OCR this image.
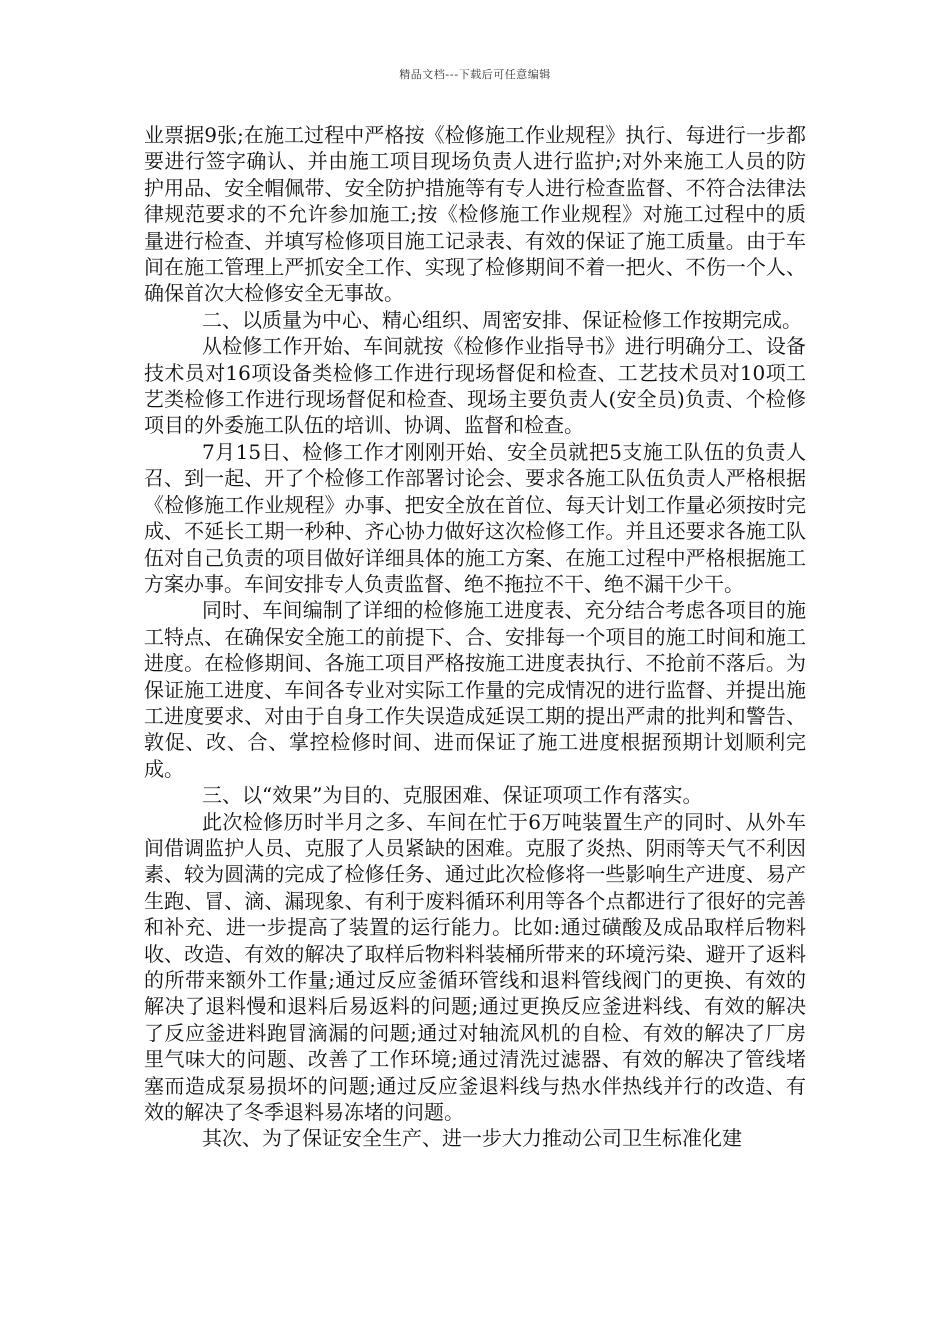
精品文档---下载后可任意编辑

业票据9张;在施工过程中严格按《检修施工作业规程》执行、每进行一步都要进行签字确认、并由施工项目现场负责人进行监护;对外来施工人员的防护用品、安全帽佩带、安全防护措施等有专人进行检查监督、不符合法律法律规范要求的不允许参加施工;按《检修施工作业规程》对施工过程中的质量进行检查、并填写检修项目施工记录表、有效的保证了施工质量。由于车间在施工管理上严抓安全工作、实现了检修期间不着一把火、不伤一个人、确保首次大检修安全无事故。

二、以质量为中心、精心组织、周密安排、保证检修工作按期完成。

从检修工作开始、车间就按《检修作业指导书》进行明确分工、设备技术员对16项设备类检修工作进行现场督促和检查、工艺技术员对10项工艺类检修工作进行现场督促和检查、现场主要负责人(安全员)负责、个检修项目的外委施工队伍的培训、协调、监督和检查。

7月15日、检修工作才刚刚开始、安全员就把5支施工队伍的负责人召、到一起、开了个检修工作部署讨论会、要求各施工队伍负责人严格根据《检修施工作业规程》办事、把安全放在首位、每天计划工作量必须按时完成、不延长工期一秒种、齐心协力做好这次检修工作。并且还要求各施工队伍对自己负责的项目做好详细具体的施工方案、在施工过程中严格根据施工方案办事。车间安排专人负责监督、绝不拖拉不干、绝不漏干少干。

同时、车间编制了详细的检修施工进度表、充分结合考虑各项目的施工特点、在确保安全施工的前提下、合、安排每一个项目的施工时间和施工进度。在检修期间、各施工项目严格按施工进度表执行、不抢前不落后。为保证施工进度、车间各专业对实际工作量的完成情况的进行监督、并提出施工进度要求、对由于自身工作失误造成延误工期的提出严肃的批判和警告、敦促、改、合、掌控检修时间、进而保证了施工进度根据预期计划顺利完成。

三、以“效果”为目的、克服困难、保证项项工作有落实。

此次检修历时半月之多、车间在忙于6万吨装置生产的同时、从外车间借调监护人员、克服了人员紧缺的困难。克服了炎热、阴雨等天气不利因素、较为圆满的完成了检修任务、通过此次检修将一些影响生产进度、易产生跑、冒、滴、漏现象、有利于废料循环利用等各个点都进行了很好的完善和补充、进一步提高了装置的运行能力。比如:通过磺酸及成品取样后物料收、改造、有效的解决了取样后物料料装桶所带来的环境污染、避开了返料的所带来额外工作量;通过反应釜循环管线和退料管线阀门的更换、有效的解决了退料慢和退料后易返料的问题;通过更换反应釜进料线、有效的解决了反应釜进料跑冒滴漏的问题;通过对轴流风机的自检、有效的解决了厂房里气味大的问题、改善了工作环境;通过清洗过滤器、有效的解决了管线堵塞而造成泵易损坏的问题;通过反应釜退料线与热水伴热线并行的改造、有效的解决了冬季退料易冻堵的问题。

其次、为了保证安全生产、进一步大力推动公司卫生标准化建
